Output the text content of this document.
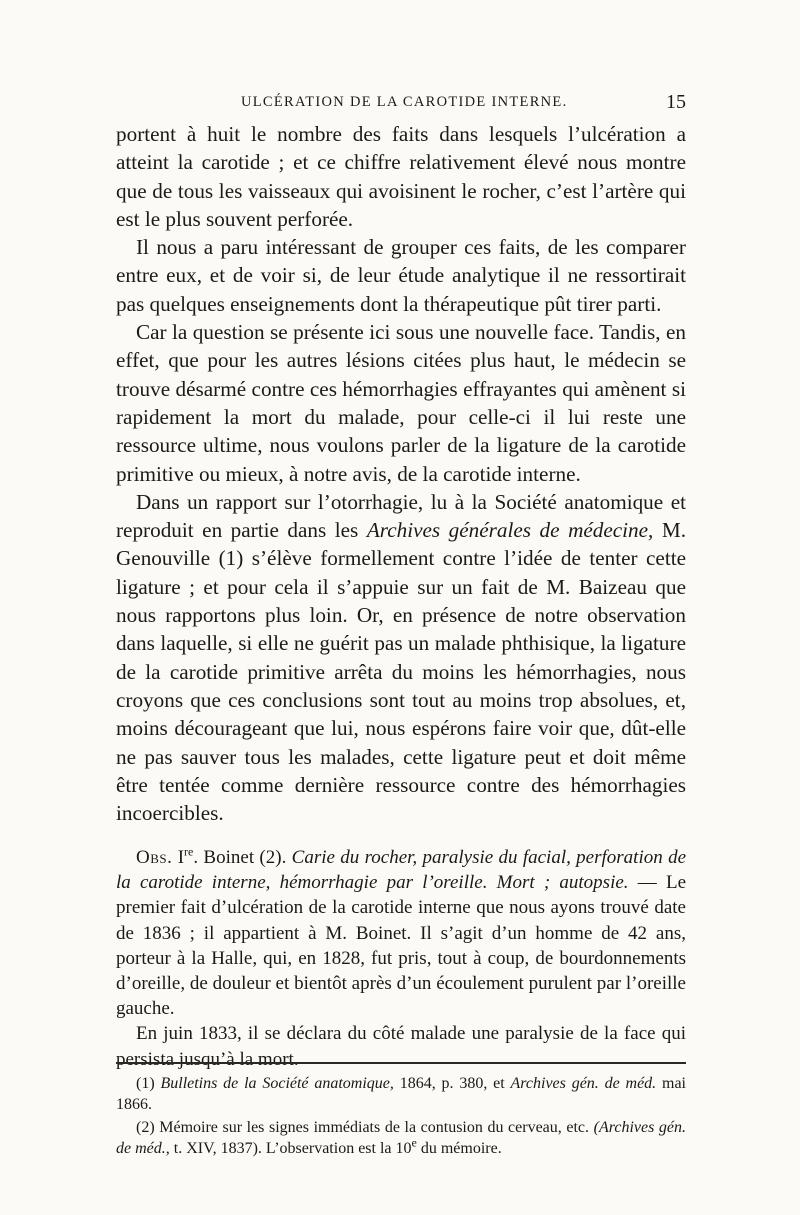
ULCÉRATION DE LA CAROTIDE INTERNE.	15

portent à huit le nombre des faits dans lesquels l’ulcération a atteint la carotide ; et ce chiffre relativement élevé nous montre que de tous les vaisseaux qui avoisinent le rocher, c’est l’artère qui est le plus souvent perforée.

Il nous a paru intéressant de grouper ces faits, de les comparer entre eux, et de voir si, de leur étude analytique il ne ressortirait pas quelques enseignements dont la thérapeutique pût tirer parti.

Car la question se présente ici sous une nouvelle face. Tandis, en effet, que pour les autres lésions citées plus haut, le médecin se trouve désarmé contre ces hémorrhagies effrayantes qui amènent si rapidement la mort du malade, pour celle-ci il lui reste une ressource ultime, nous voulons parler de la ligature de la carotide primitive ou mieux, à notre avis, de la carotide interne.

Dans un rapport sur l’otorrhagie, lu à la Société anatomique et reproduit en partie dans les Archives générales de médecine, M. Genouville (1) s’élève formellement contre l’idée de tenter cette ligature ; et pour cela il s’appuie sur un fait de M. Baizeau que nous rapportons plus loin. Or, en présence de notre observation dans laquelle, si elle ne guérit pas un malade phthisique, la ligature de la carotide primitive arrêta du moins les hémorrhagies, nous croyons que ces conclusions sont tout au moins trop absolues, et, moins décourageant que lui, nous espérons faire voir que, dût-elle ne pas sauver tous les malades, cette ligature peut et doit même être tentée comme dernière ressource contre des hémorrhagies incoercibles.

Obs. Ire. Boinet (2). Carie du rocher, paralysie du facial, perforation de la carotide interne, hémorrhagie par l’oreille. Mort ; autopsie. — Le premier fait d’ulcération de la carotide interne que nous ayons trouvé date de 1836 ; il appartient à M. Boinet. Il s’agit d’un homme de 42 ans, porteur à la Halle, qui, en 1828, fut pris, tout à coup, de bourdonnements d’oreille, de douleur et bientôt après d’un écoulement purulent par l’oreille gauche.

En juin 1833, il se déclara du côté malade une paralysie de la face qui persista jusqu’à la mort.

(1) Bulletins de la Société anatomique, 1864, p. 380, et Archives gén. de méd. mai 1866.

(2) Mémoire sur les signes immédiats de la contusion du cerveau, etc. (Archives gén. de méd., t. XIV, 1837). L’observation est la 10e du mémoire.
